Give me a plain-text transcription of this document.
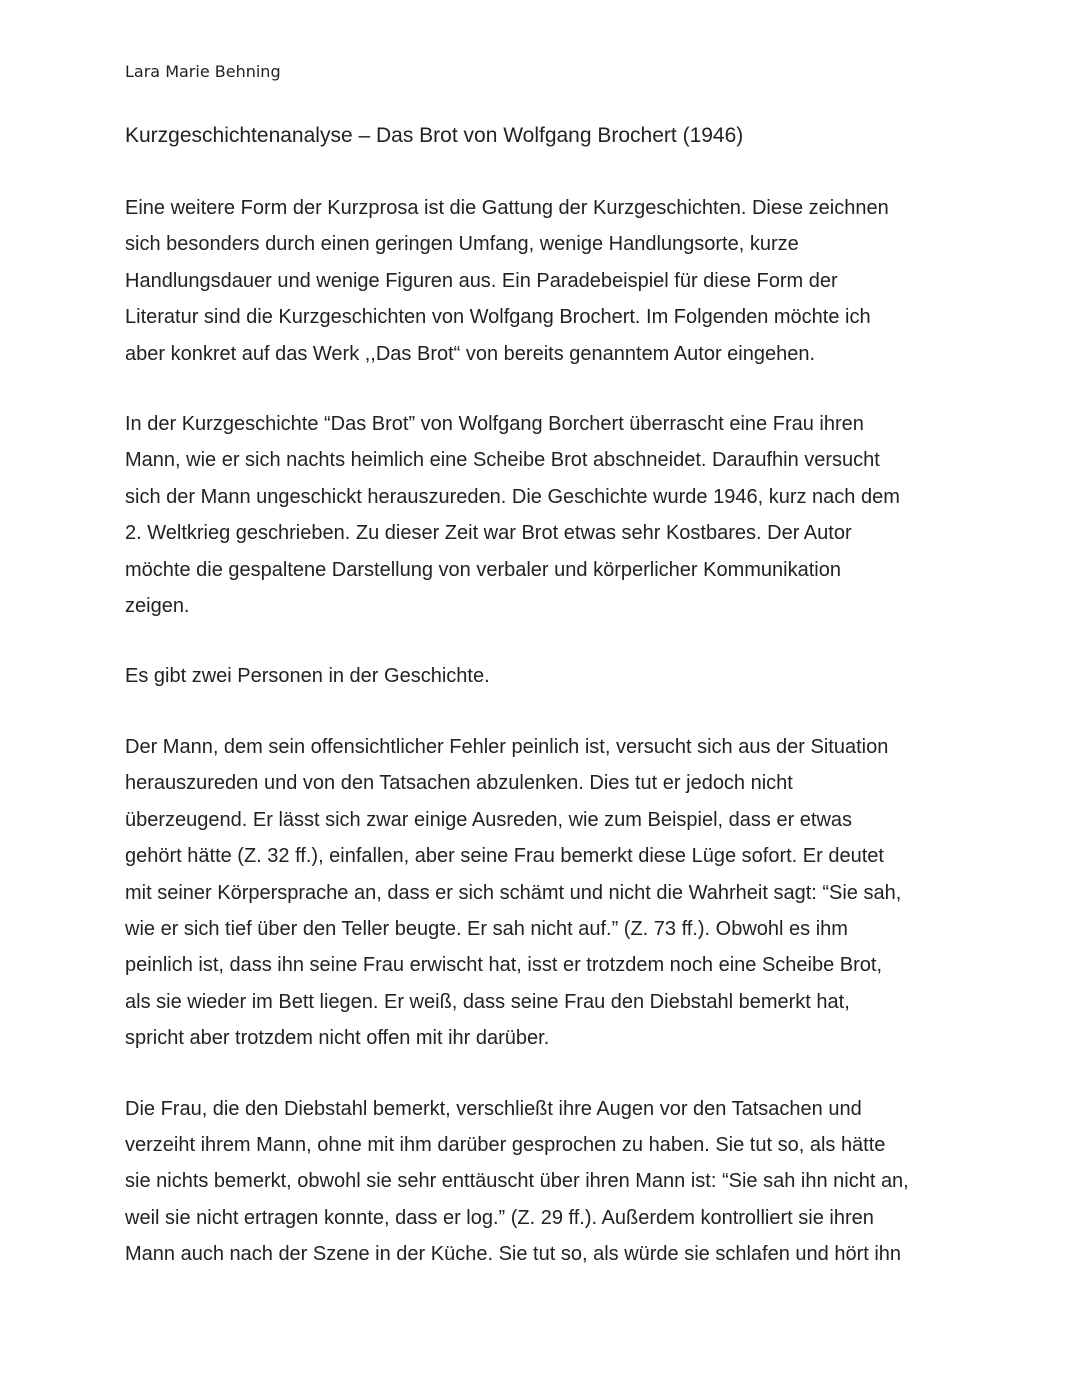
Lara Marie Behning

Kurzgeschichtenanalyse – Das Brot von Wolfgang Brochert (1946)

Eine weitere Form der Kurzprosa ist die Gattung der Kurzgeschichten. Diese zeichnen
sich besonders durch einen geringen Umfang, wenige Handlungsorte, kurze
Handlungsdauer und wenige Figuren aus. Ein Paradebeispiel für diese Form der
Literatur sind die Kurzgeschichten von Wolfgang Brochert. Im Folgenden möchte ich
aber konkret auf das Werk ,,Das Brot“ von bereits genanntem Autor eingehen.

In der Kurzgeschichte “Das Brot” von Wolfgang Borchert überrascht eine Frau ihren
Mann, wie er sich nachts heimlich eine Scheibe Brot abschneidet. Daraufhin versucht
sich der Mann ungeschickt herauszureden. Die Geschichte wurde 1946, kurz nach dem
2. Weltkrieg geschrieben. Zu dieser Zeit war Brot etwas sehr Kostbares. Der Autor
möchte die gespaltene Darstellung von verbaler und körperlicher Kommunikation
zeigen.

Es gibt zwei Personen in der Geschichte.

Der Mann, dem sein offensichtlicher Fehler peinlich ist, versucht sich aus der Situation
herauszureden und von den Tatsachen abzulenken. Dies tut er jedoch nicht
überzeugend. Er lässt sich zwar einige Ausreden, wie zum Beispiel, dass er etwas
gehört hätte (Z. 32 ff.), einfallen, aber seine Frau bemerkt diese Lüge sofort. Er deutet
mit seiner Körpersprache an, dass er sich schämt und nicht die Wahrheit sagt: “Sie sah,
wie er sich tief über den Teller beugte. Er sah nicht auf.” (Z. 73 ff.). Obwohl es ihm
peinlich ist, dass ihn seine Frau erwischt hat, isst er trotzdem noch eine Scheibe Brot,
als sie wieder im Bett liegen. Er weiß, dass seine Frau den Diebstahl bemerkt hat,
spricht aber trotzdem nicht offen mit ihr darüber.

Die Frau, die den Diebstahl bemerkt, verschließt ihre Augen vor den Tatsachen und
verzeiht ihrem Mann, ohne mit ihm darüber gesprochen zu haben. Sie tut so, als hätte
sie nichts bemerkt, obwohl sie sehr enttäuscht über ihren Mann ist: “Sie sah ihn nicht an,
weil sie nicht ertragen konnte, dass er log.” (Z. 29 ff.). Außerdem kontrolliert sie ihren
Mann auch nach der Szene in der Küche. Sie tut so, als würde sie schlafen und hört ihn
